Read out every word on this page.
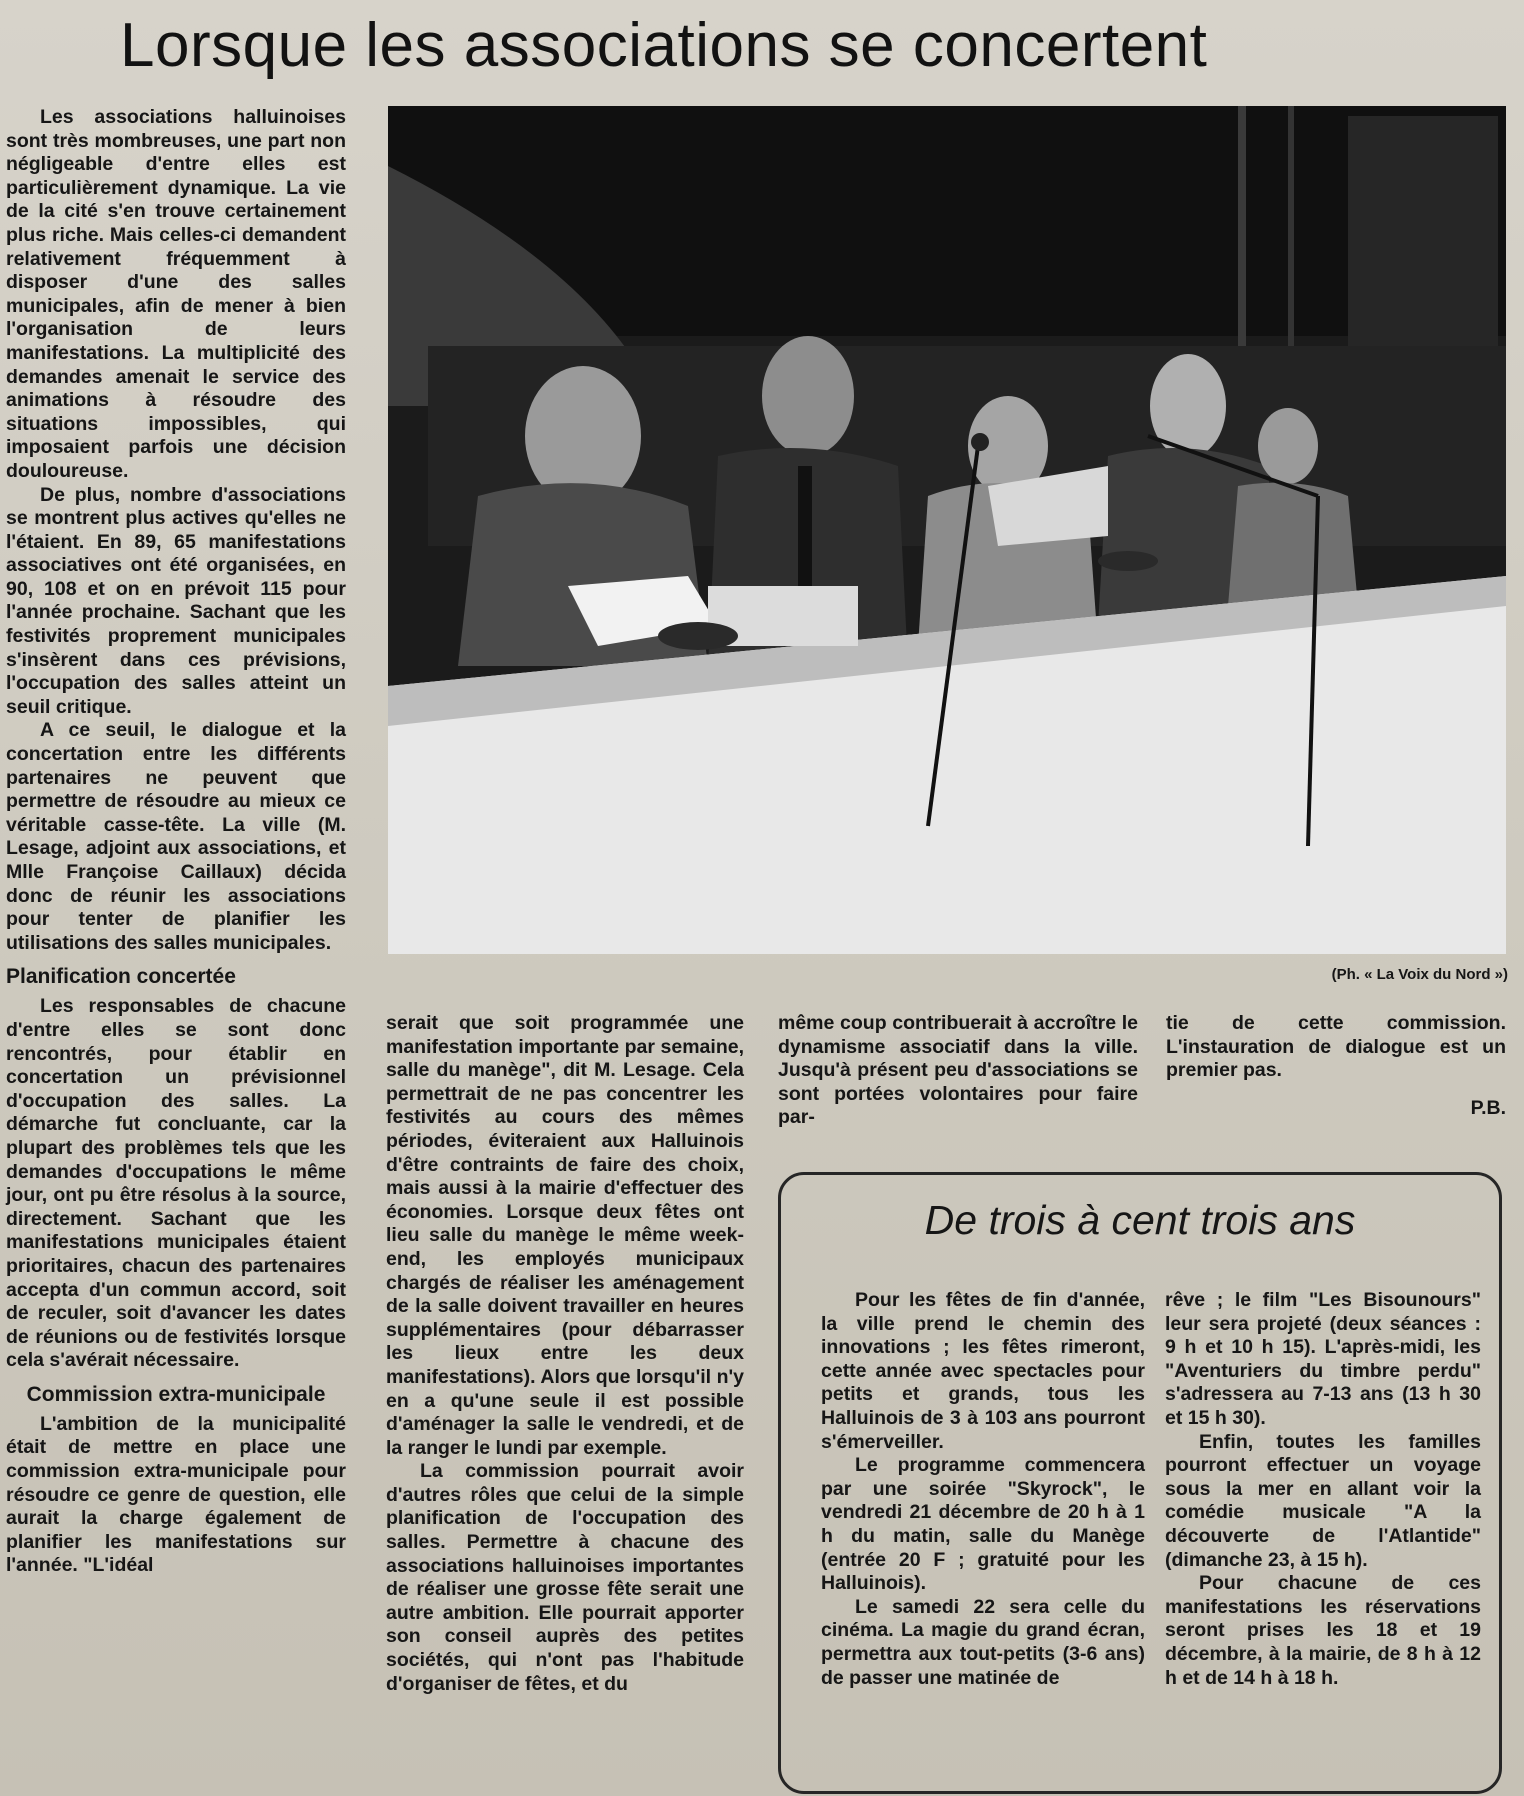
Lorsque les associations se concertent

Les associations halluinoises sont très mombreuses, une part non négligeable d'entre elles est particulièrement dynamique. La vie de la cité s'en trouve certainement plus riche. Mais celles-ci demandent relativement fréquemment à disposer d'une des salles municipales, afin de mener à bien l'organisation de leurs manifestations. La multiplicité des demandes amenait le service des animations à résoudre des situations impossibles, qui imposaient parfois une décision douloureuse.

De plus, nombre d'associations se montrent plus actives qu'elles ne l'étaient. En 89, 65 manifestations associatives ont été organisées, en 90, 108 et on en prévoit 115 pour l'année prochaine. Sachant que les festivités proprement municipales s'insèrent dans ces prévisions, l'occupation des salles atteint un seuil critique.

A ce seuil, le dialogue et la concertation entre les différents partenaires ne peuvent que permettre de résoudre au mieux ce véritable casse-tête. La ville (M. Lesage, adjoint aux associations, et Mlle Françoise Caillaux) décida donc de réunir les associations pour tenter de planifier les utilisations des salles municipales.

Planification concertée

Les responsables de chacune d'entre elles se sont donc rencontrés, pour établir en concertation un prévisionnel d'occupation des salles. La démarche fut concluante, car la plupart des problèmes tels que les demandes d'occupations le même jour, ont pu être résolus à la source, directement. Sachant que les manifestations municipales étaient prioritaires, chacun des partenaires accepta d'un commun accord, soit de reculer, soit d'avancer les dates de réunions ou de festivités lorsque cela s'avérait nécessaire.

Commission extra-municipale

L'ambition de la municipalité était de mettre en place une commission extra-municipale pour résoudre ce genre de question, elle aurait la charge également de planifier les manifestations sur l'année. "L'idéal

(Ph. « La Voix du Nord »)

serait que soit programmée une manifestation importante par semaine, salle du manège", dit M. Lesage. Cela permettrait de ne pas concentrer les festivités au cours des mêmes périodes, éviteraient aux Halluinois d'être contraints de faire des choix, mais aussi à la mairie d'effectuer des économies. Lorsque deux fêtes ont lieu salle du manège le même week-end, les employés municipaux chargés de réaliser les aménagement de la salle doivent travailler en heures supplémentaires (pour débarrasser les lieux entre les deux manifestations). Alors que lorsqu'il n'y en a qu'une seule il est possible d'aménager la salle le vendredi, et de la ranger le lundi par exemple.

La commission pourrait avoir d'autres rôles que celui de la simple planification de l'occupation des salles. Permettre à chacune des associations halluinoises importantes de réaliser une grosse fête serait une autre ambition. Elle pourrait apporter son conseil auprès des petites sociétés, qui n'ont pas l'habitude d'organiser de fêtes, et du

même coup contribuerait à accroître le dynamisme associatif dans la ville. Jusqu'à présent peu d'associations se sont portées volontaires pour faire par-

tie de cette commission. L'instauration de dialogue est un premier pas.

P.B.

De trois à cent trois ans

Pour les fêtes de fin d'année, la ville prend le chemin des innovations ; les fêtes rimeront, cette année avec spectacles pour petits et grands, tous les Halluinois de 3 à 103 ans pourront s'émerveiller.

Le programme commencera par une soirée "Skyrock", le vendredi 21 décembre de 20 h à 1 h du matin, salle du Manège (entrée 20 F ; gratuité pour les Halluinois).

Le samedi 22 sera celle du cinéma. La magie du grand écran, permettra aux tout-petits (3-6 ans) de passer une matinée de

rêve ; le film "Les Bisounours" leur sera projeté (deux séances : 9 h et 10 h 15). L'après-midi, les "Aventuriers du timbre perdu" s'adressera au 7-13 ans (13 h 30 et 15 h 30).

Enfin, toutes les familles pourront effectuer un voyage sous la mer en allant voir la comédie musicale "A la découverte de l'Atlantide" (dimanche 23, à 15 h).

Pour chacune de ces manifestations les réservations seront prises les 18 et 19 décembre, à la mairie, de 8 h à 12 h et de 14 h à 18 h.
